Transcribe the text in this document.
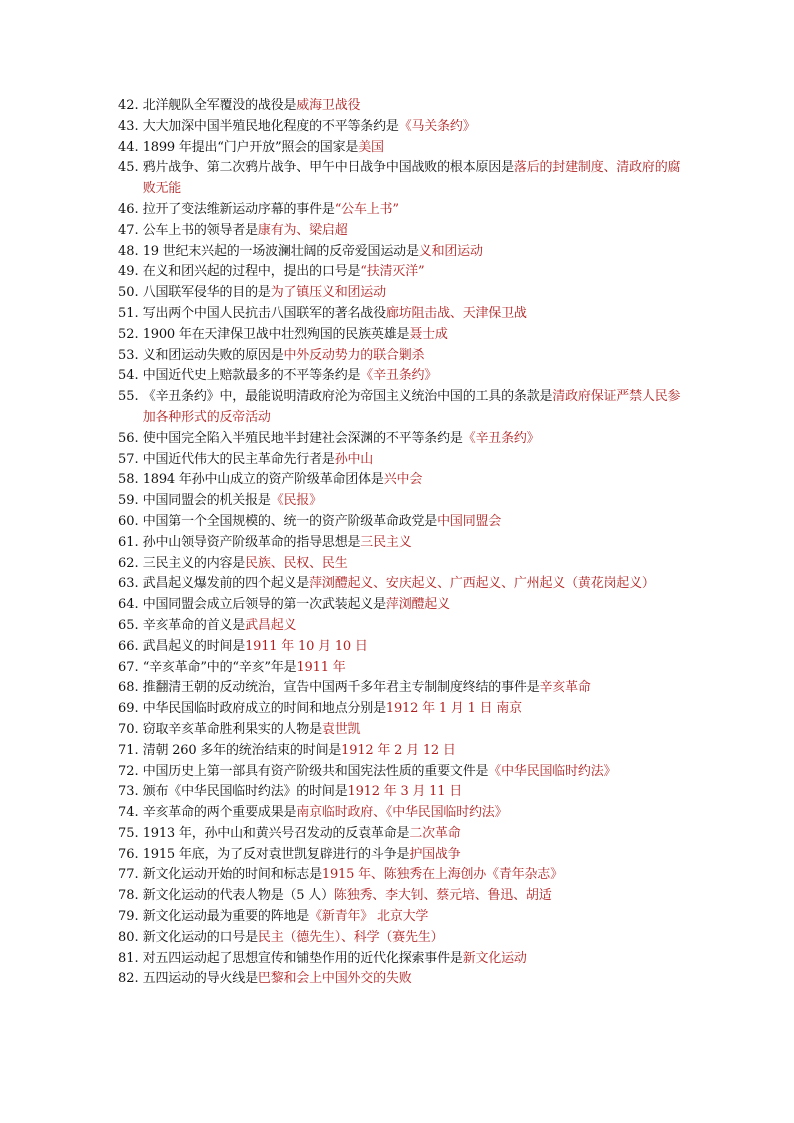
42. 北洋舰队全军覆没的战役是威海卫战役
43. 大大加深中国半殖民地化程度的不平等条约是《马关条约》
44. 1899 年提出“门户开放”照会的国家是美国
45. 鸦片战争、第二次鸦片战争、甲午中日战争中国战败的根本原因是落后的封建制度、清政府的腐败无能
46. 拉开了变法维新运动序幕的事件是“公车上书”
47. 公车上书的领导者是康有为、梁启超
48. 19 世纪末兴起的一场波澜壮阔的反帝爱国运动是义和团运动
49. 在义和团兴起的过程中，提出的口号是“扶清灭洋”
50. 八国联军侵华的目的是为了镇压义和团运动
51. 写出两个中国人民抗击八国联军的著名战役廊坊阻击战、天津保卫战
52. 1900 年在天津保卫战中壮烈殉国的民族英雄是聂士成
53. 义和团运动失败的原因是中外反动势力的联合剿杀
54. 中国近代史上赔款最多的不平等条约是《辛丑条约》
55. 《辛丑条约》中，最能说明清政府沦为帝国主义统治中国的工具的条款是清政府保证严禁人民参加各种形式的反帝活动
56. 使中国完全陷入半殖民地半封建社会深渊的不平等条约是《辛丑条约》
57. 中国近代伟大的民主革命先行者是孙中山
58. 1894 年孙中山成立的资产阶级革命团体是兴中会
59. 中国同盟会的机关报是《民报》
60. 中国第一个全国规模的、统一的资产阶级革命政党是中国同盟会
61. 孙中山领导资产阶级革命的指导思想是三民主义
62. 三民主义的内容是民族、民权、民生
63. 武昌起义爆发前的四个起义是萍浏醴起义、安庆起义、广西起义、广州起义（黄花岗起义）
64. 中国同盟会成立后领导的第一次武装起义是萍浏醴起义
65. 辛亥革命的首义是武昌起义
66. 武昌起义的时间是1911 年 10 月 10 日
67. “辛亥革命”中的“辛亥”年是1911 年
68. 推翻清王朝的反动统治，宣告中国两千多年君主专制制度终结的事件是辛亥革命
69. 中华民国临时政府成立的时间和地点分别是1912 年 1 月 1 日 南京
70. 窃取辛亥革命胜利果实的人物是袁世凯
71. 清朝 260 多年的统治结束的时间是1912 年 2 月 12 日
72. 中国历史上第一部具有资产阶级共和国宪法性质的重要文件是《中华民国临时约法》
73. 颁布《中华民国临时约法》的时间是1912 年 3 月 11 日
74. 辛亥革命的两个重要成果是南京临时政府、《中华民国临时约法》
75. 1913 年，孙中山和黄兴号召发动的反袁革命是二次革命
76. 1915 年底，为了反对袁世凯复辟进行的斗争是护国战争
77. 新文化运动开始的时间和标志是1915 年、陈独秀在上海创办《青年杂志》
78. 新文化运动的代表人物是（5 人）陈独秀、李大钊、蔡元培、鲁迅、胡适
79. 新文化运动最为重要的阵地是《新青年》 北京大学
80. 新文化运动的口号是民主（德先生）、科学（赛先生）
81. 对五四运动起了思想宣传和铺垫作用的近代化探索事件是新文化运动
82. 五四运动的导火线是巴黎和会上中国外交的失败
